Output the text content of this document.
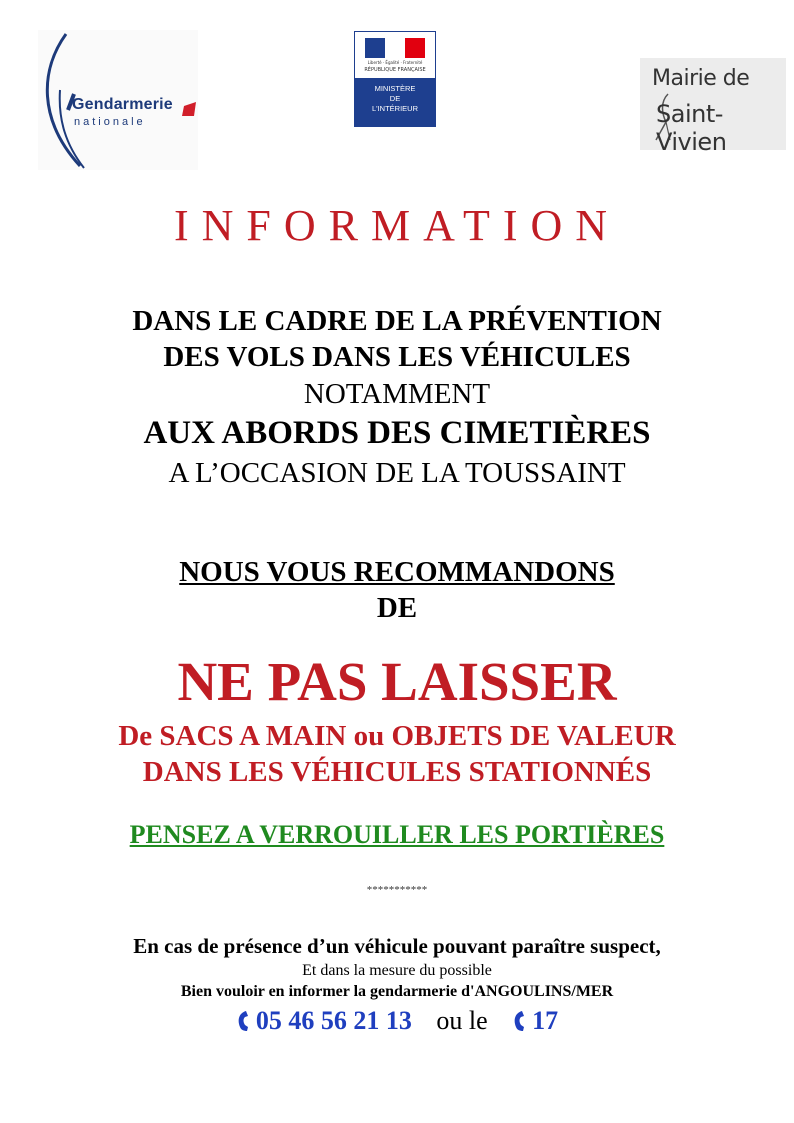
Gendarmerie
nationale
Liberté · Égalité · Fraternité
RÉPUBLIQUE FRANÇAISE
MINISTÈRE
DE
L'INTÉRIEUR
Mairie de
Saint-Vivien
INFORMATION
DANS LE CADRE DE LA PRÉVENTION
DES VOLS DANS LES VÉHICULES
NOTAMMENT
AUX ABORDS DES CIMETIÈRES
A L’OCCASION DE LA TOUSSAINT
NOUS VOUS RECOMMANDONS
DE
NE PAS LAISSER
De SACS A MAIN ou OBJETS DE VALEUR
DANS LES VÉHICULES STATIONNÉS
PENSEZ A VERROUILLER LES PORTIÈRES
***********
En cas de présence d’un véhicule pouvant paraître suspect,
Et dans la mesure du possible
Bien vouloir en informer la gendarmerie d'ANGOULINS/MER
05 46 56 21 13 ou le 17
